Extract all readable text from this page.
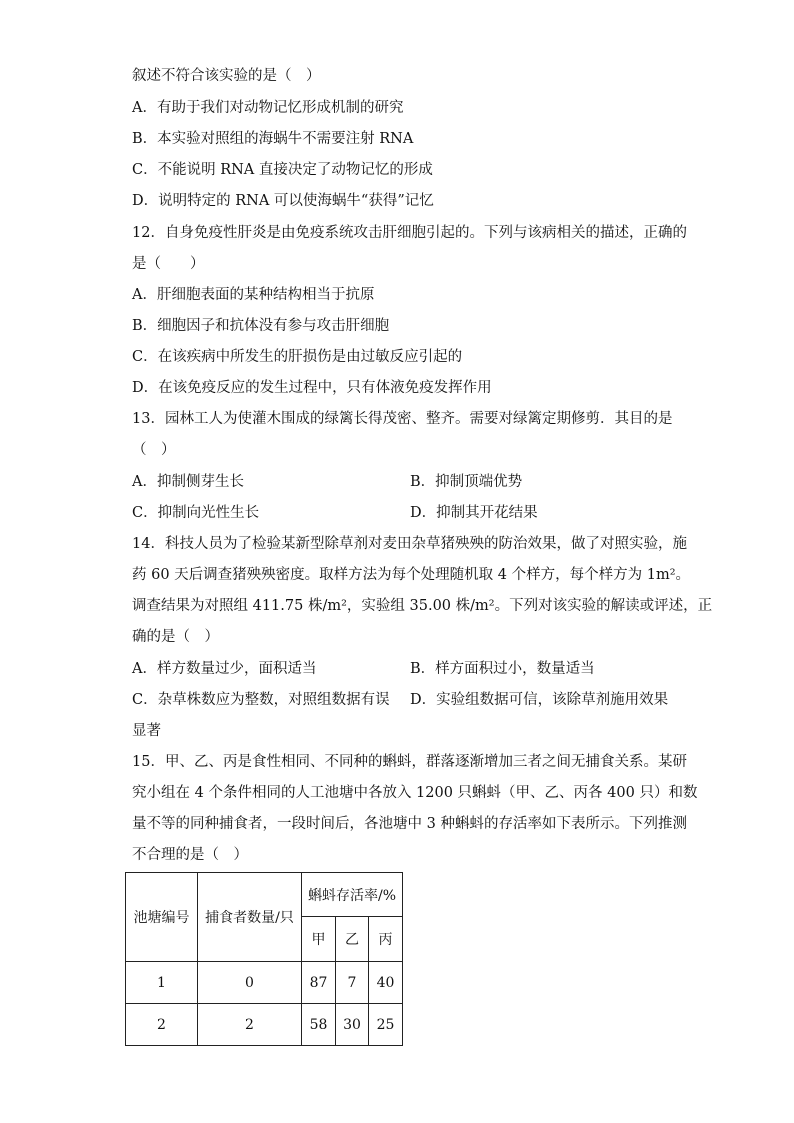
叙述不符合该实验的是（　）
A．有助于我们对动物记忆形成机制的研究
B．本实验对照组的海蜗牛不需要注射 RNA
C．不能说明 RNA 直接决定了动物记忆的形成
D．说明特定的 RNA 可以使海蜗牛“获得”记忆
12．自身免疫性肝炎是由免疫系统攻击肝细胞引起的。下列与该病相关的描述，正确的
是（　　）
A．肝细胞表面的某种结构相当于抗原
B．细胞因子和抗体没有参与攻击肝细胞
C．在该疾病中所发生的肝损伤是由过敏反应引起的
D．在该免疫反应的发生过程中，只有体液免疫发挥作用
13．园林工人为使灌木围成的绿篱长得茂密、整齐。需要对绿篱定期修剪．其目的是
（　）
A．抑制侧芽生长	B．抑制顶端优势
C．抑制向光性生长	D．抑制其开花结果
14．科技人员为了检验某新型除草剂对麦田杂草猪殃殃的防治效果，做了对照实验，施
药 60 天后调查猪殃殃密度。取样方法为每个处理随机取 4 个样方，每个样方为 1m²。
调查结果为对照组 411.75 株/m²，实验组 35.00 株/m²。下列对该实验的解读或评述，正
确的是（　）
A．样方数量过少，面积适当	B．样方面积过小，数量适当
C．杂草株数应为整数，对照组数据有误 D．实验组数据可信，该除草剂施用效果
显著
15．甲、乙、丙是食性相同、不同种的蝌蚪，群落逐渐增加三者之间无捕食关系。某研
究小组在 4 个条件相同的人工池塘中各放入 1200 只蝌蚪（甲、乙、丙各 400 只）和数
量不等的同种捕食者，一段时间后，各池塘中 3 种蝌蚪的存活率如下表所示。下列推测
不合理的是（　）
池塘编号	捕食者数量/只	蝌蚪存活率/%		
		甲	乙	丙
1	0	87	7	40
2	2	58	30	25
